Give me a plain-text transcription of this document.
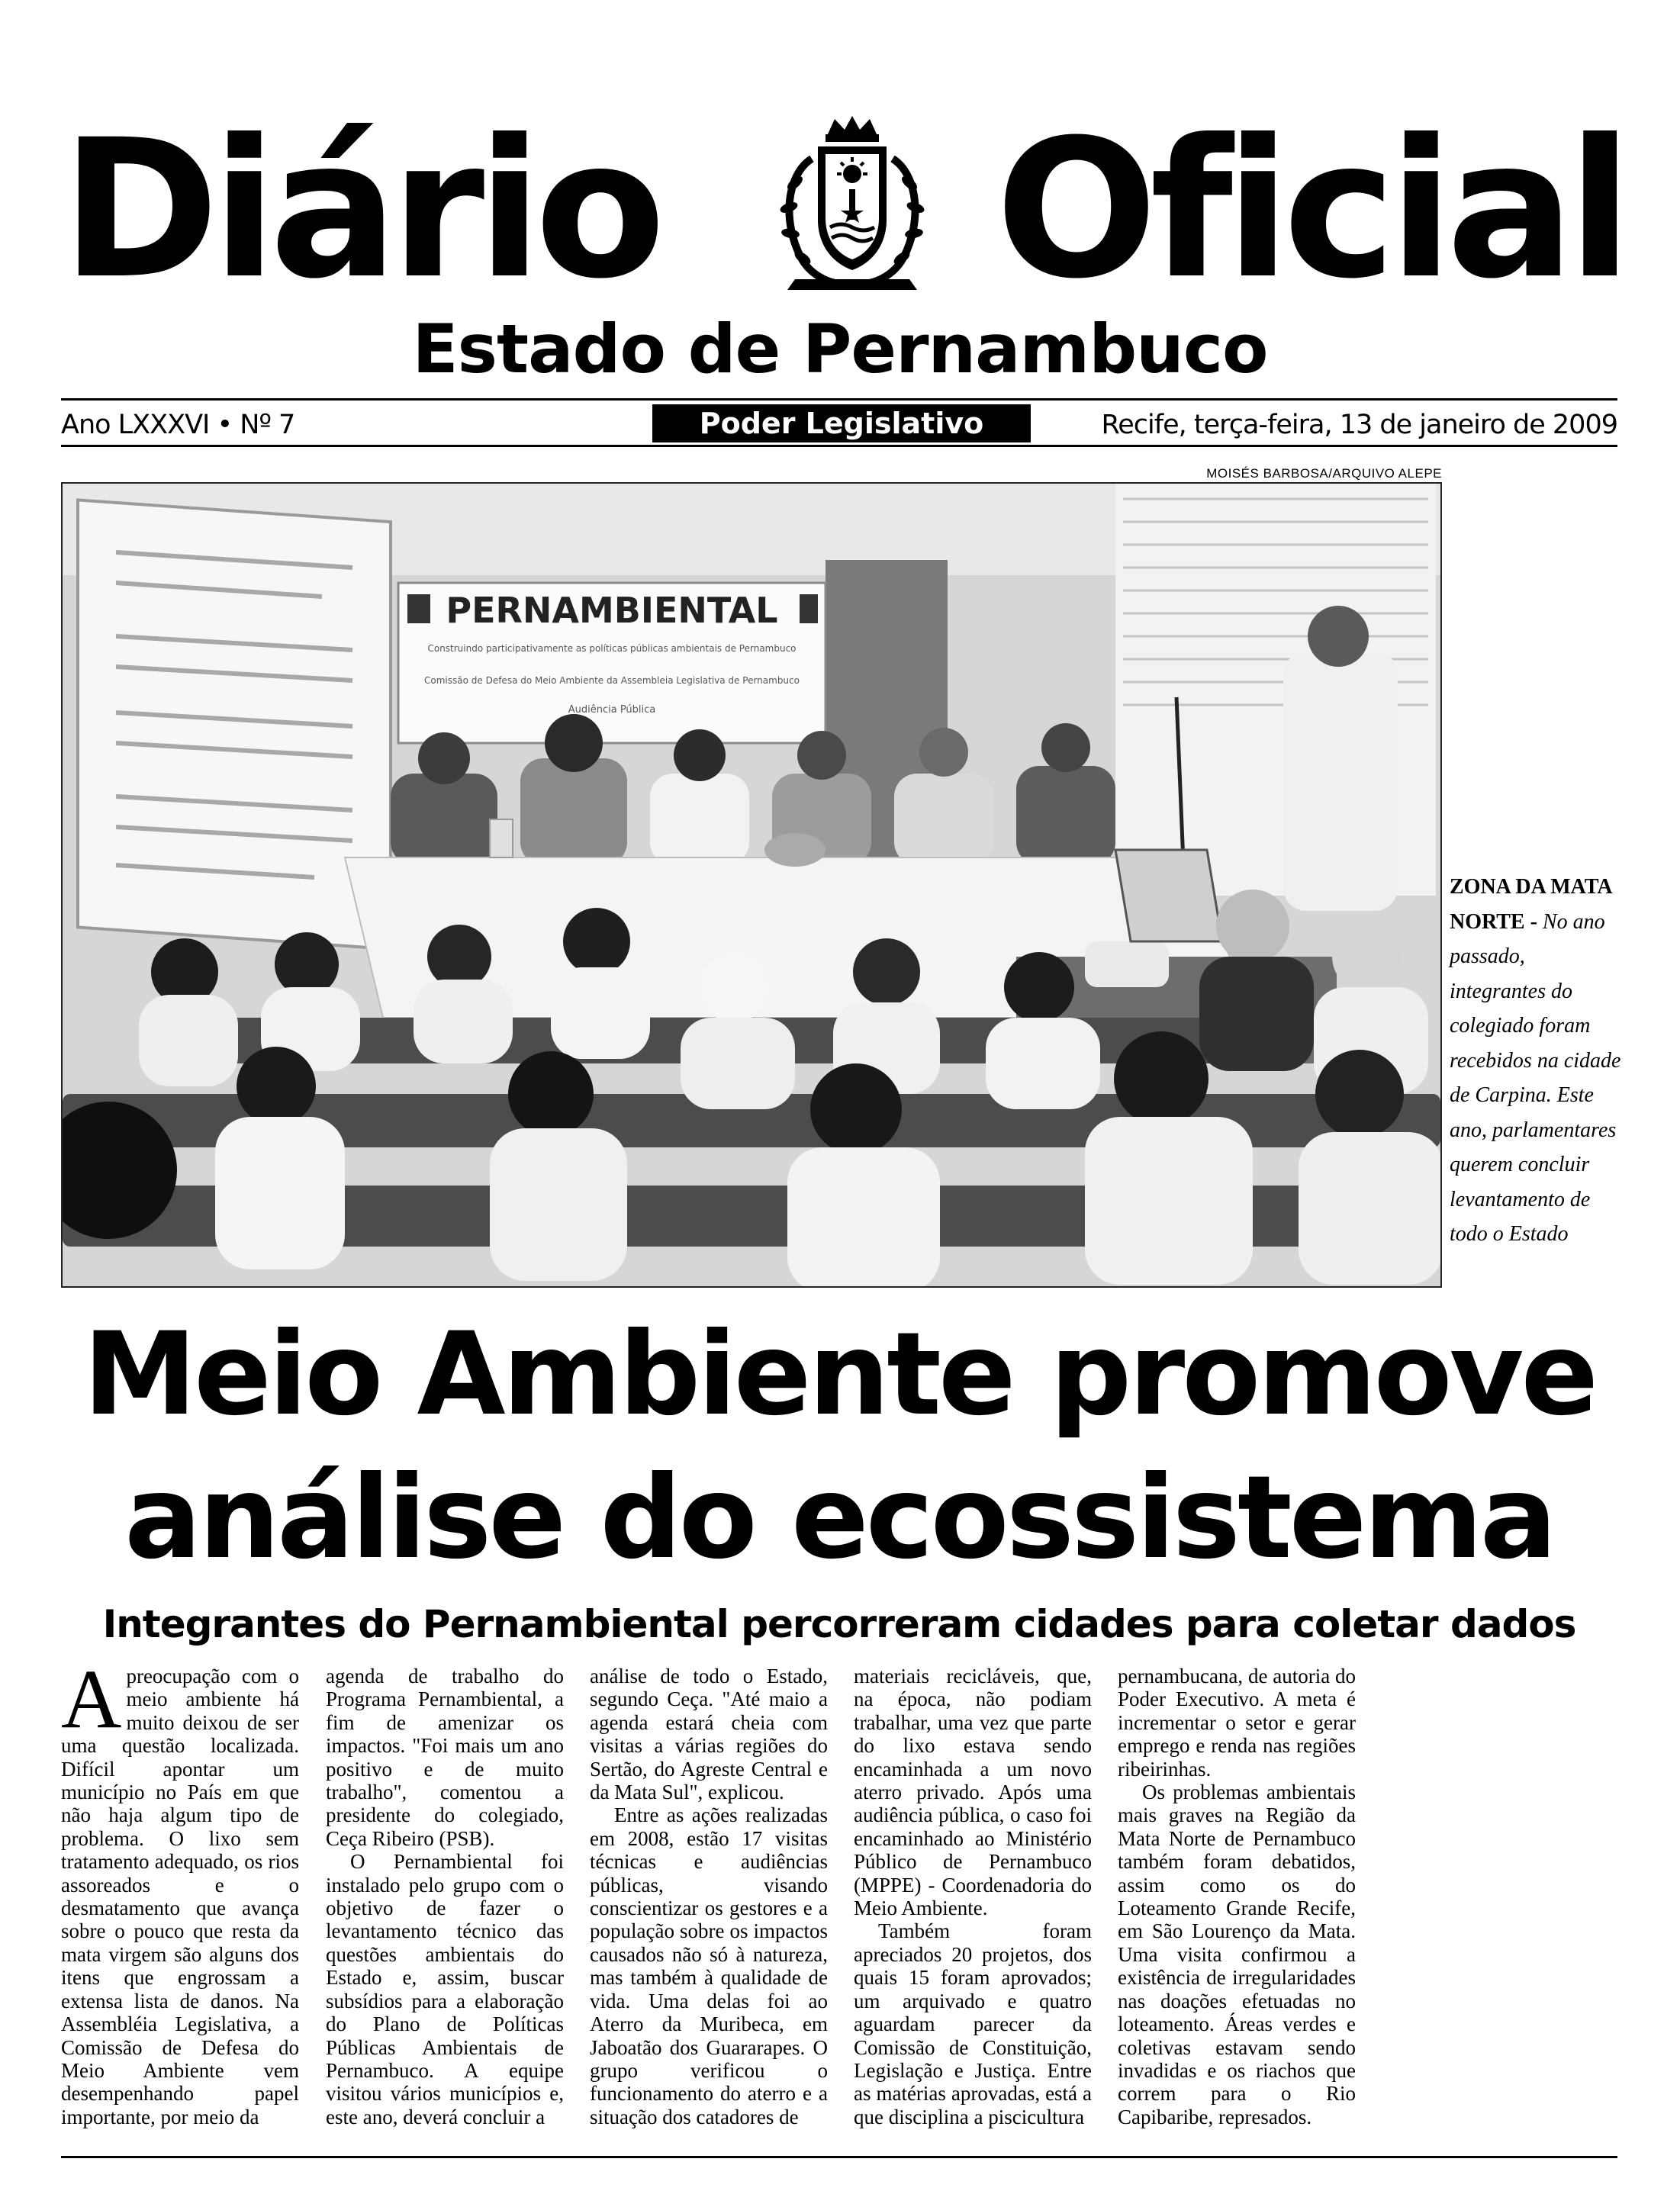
Diário Oficial
Estado de Pernambuco
Ano LXXXVI • Nº 7	Poder Legislativo	Recife, terça-feira, 13 de janeiro de 2009
MOISÉS BARBOSA/ARQUIVO ALEPE
PERNAMBIENTAL
Construindo participativamente as políticas públicas ambientais de Pernambuco
Comissão de Defesa do Meio Ambiente da Assembleia Legislativa de Pernambuco
Audiência Pública
ZONA DA MATA NORTE - No ano passado, integrantes do colegiado foram recebidos na cidade de Carpina. Este ano, parlamentares querem concluir levantamento de todo o Estado
Meio Ambiente promove
análise do ecossistema
Integrantes do Pernambiental percorreram cidades para coletar dados

Apreocupação com o meio ambiente há muito deixou de ser uma questão localizada. Difícil apontar um município no País em que não haja algum tipo de problema. O lixo sem tratamento adequado, os rios assoreados e o desmatamento que avança sobre o pouco que resta da mata virgem são alguns dos itens que engrossam a extensa lista de danos. Na Assembléia Legislativa, a Comissão de Defesa do Meio Ambiente vem desempenhando papel importante, por meio da

agenda de trabalho do Programa Pernambiental, a fim de amenizar os impactos. "Foi mais um ano positivo e de muito trabalho", comentou a presidente do colegiado, Ceça Ribeiro (PSB).

O Pernambiental foi instalado pelo grupo com o objetivo de fazer o levantamento técnico das questões ambientais do Estado e, assim, buscar subsídios para a elaboração do Plano de Políticas Públicas Ambientais de Pernambuco. A equipe visitou vários municípios e, este ano, deverá concluir a

análise de todo o Estado, segundo Ceça. "Até maio a agenda estará cheia com visitas a várias regiões do Sertão, do Agreste Central e da Mata Sul", explicou.

Entre as ações realizadas em 2008, estão 17 visitas técnicas e audiências públicas, visando conscientizar os gestores e a população sobre os impactos causados não só à natureza, mas também à qualidade de vida. Uma delas foi ao Aterro da Muribeca, em Jaboatão dos Guararapes. O grupo verificou o funcionamento do aterro e a situação dos catadores de

materiais recicláveis, que, na época, não podiam trabalhar, uma vez que parte do lixo estava sendo encaminhada a um novo aterro privado. Após uma audiência pública, o caso foi encaminhado ao Ministério Público de Pernambuco (MPPE) - Coordenadoria do Meio Ambiente.

Também foram apreciados 20 projetos, dos quais 15 foram aprovados; um arquivado e quatro aguardam parecer da Comissão de Constituição, Legislação e Justiça. Entre as matérias aprovadas, está a que disciplina a piscicultura

pernambucana, de autoria do Poder Executivo. A meta é incrementar o setor e gerar emprego e renda nas regiões ribeirinhas.

Os problemas ambientais mais graves na Região da Mata Norte de Pernambuco também foram debatidos, assim como os do Loteamento Grande Recife, em São Lourenço da Mata. Uma visita confirmou a existência de irregularidades nas doações efetuadas no loteamento. Áreas verdes e coletivas estavam sendo invadidas e os riachos que correm para o Rio Capibaribe, represados.
